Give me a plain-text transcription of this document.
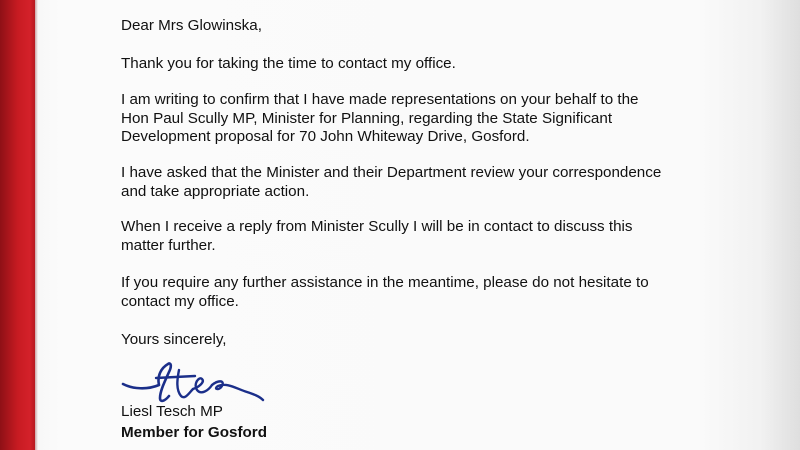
Dear Mrs Glowinska,

Thank you for taking the time to contact my office.

I am writing to confirm that I have made representations on your behalf to the
Hon Paul Scully MP, Minister for Planning, regarding the State Significant
Development proposal for 70 John Whiteway Drive, Gosford.

I have asked that the Minister and their Department review your correspondence
and take appropriate action.

When I receive a reply from Minister Scully I will be in contact to discuss this
matter further.

If you require any further assistance in the meantime, please do not hesitate to
contact my office.

Yours sincerely,

Liesl Tesch MP
Member for Gosford
